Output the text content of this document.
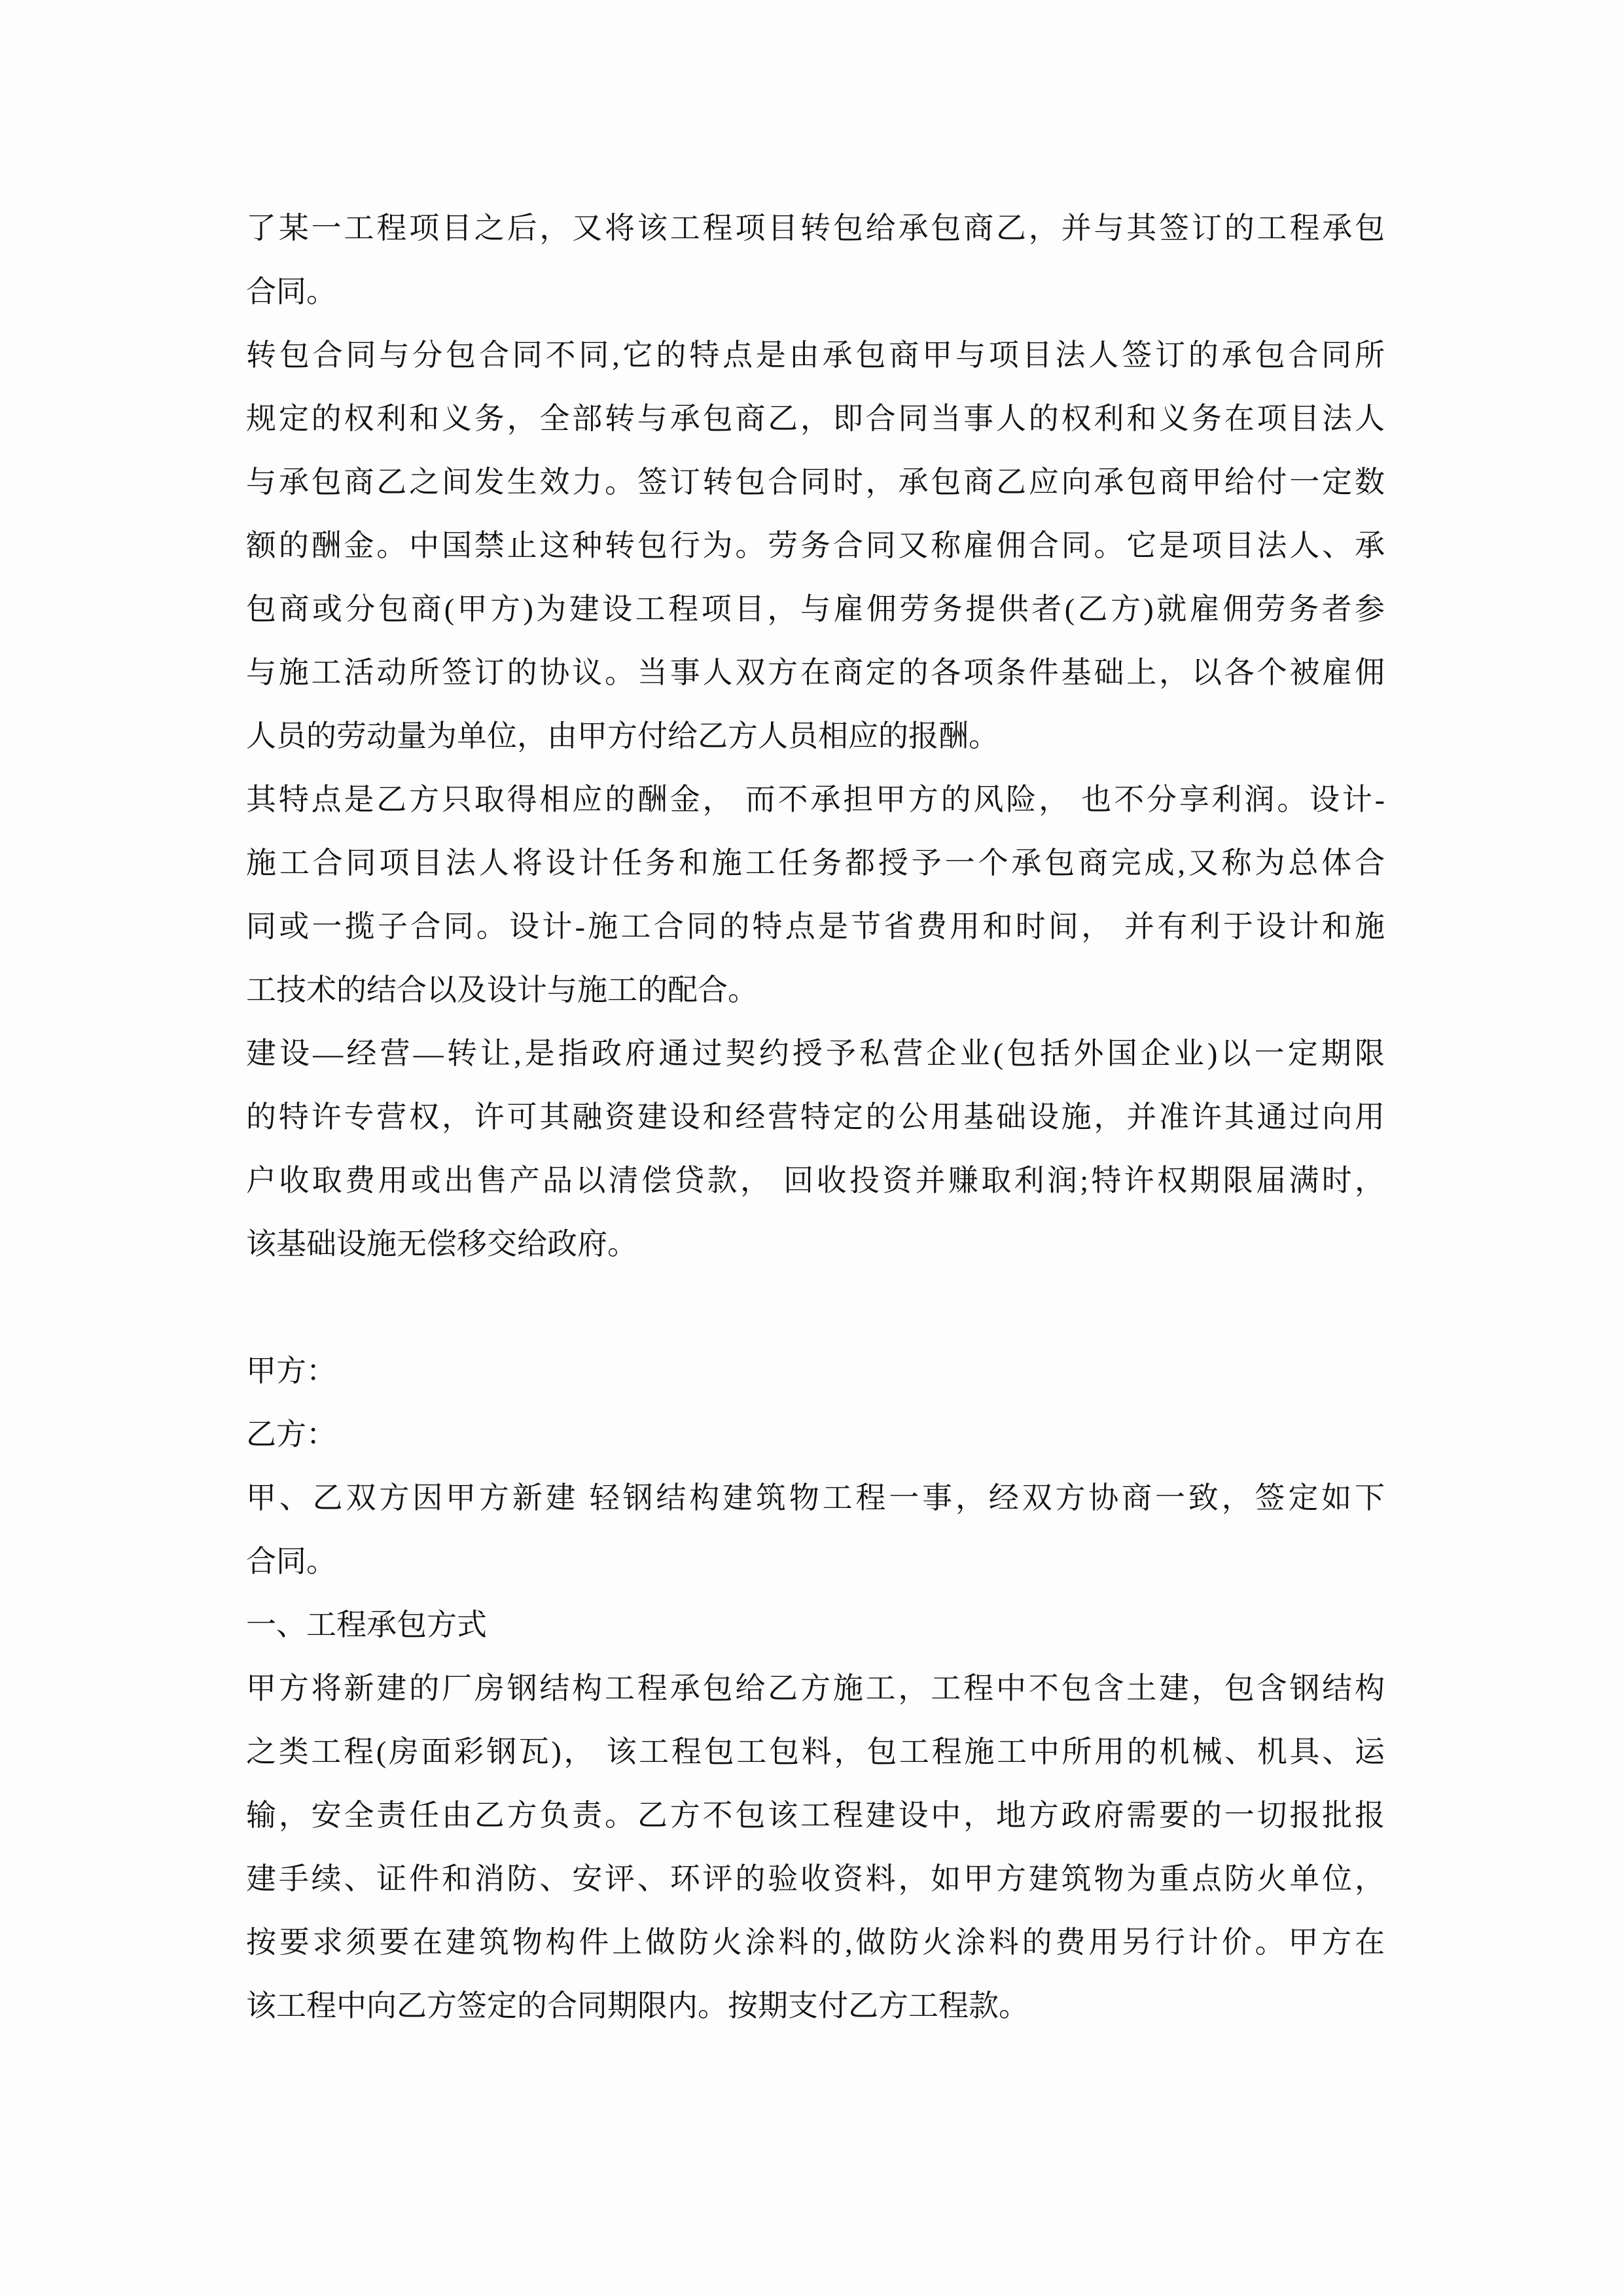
了某一工程项目之后，又将该工程项目转包给承包商乙，并与其签订的工程承包
合同。
转包合同与分包合同不同,它的特点是由承包商甲与项目法人签订的承包合同所
规定的权利和义务，全部转与承包商乙，即合同当事人的权利和义务在项目法人
与承包商乙之间发生效力。签订转包合同时，承包商乙应向承包商甲给付一定数
额的酬金。中国禁止这种转包行为。劳务合同又称雇佣合同。它是项目法人、承
包商或分包商(甲方)为建设工程项目，与雇佣劳务提供者(乙方)就雇佣劳务者参
与施工活动所签订的协议。当事人双方在商定的各项条件基础上，以各个被雇佣
人员的劳动量为单位，由甲方付给乙方人员相应的报酬。
其特点是乙方只取得相应的酬金， 而不承担甲方的风险， 也不分享利润。设计-
施工合同项目法人将设计任务和施工任务都授予一个承包商完成,又称为总体合
同或一揽子合同。设计-施工合同的特点是节省费用和时间， 并有利于设计和施
工技术的结合以及设计与施工的配合。
建设—经营—转让,是指政府通过契约授予私营企业(包括外国企业)以一定期限
的特许专营权，许可其融资建设和经营特定的公用基础设施，并准许其通过向用
户收取费用或出售产品以清偿贷款， 回收投资并赚取利润;特许权期限届满时，
该基础设施无偿移交给政府。
甲方：
乙方：
甲、乙双方因甲方新建 轻钢结构建筑物工程一事，经双方协商一致，签定如下
合同。
一、工程承包方式
甲方将新建的厂房钢结构工程承包给乙方施工，工程中不包含土建，包含钢结构
之类工程(房面彩钢瓦)， 该工程包工包料，包工程施工中所用的机械、机具、运
输，安全责任由乙方负责。乙方不包该工程建设中，地方政府需要的一切报批报
建手续、证件和消防、安评、环评的验收资料，如甲方建筑物为重点防火单位，
按要求须要在建筑物构件上做防火涂料的,做防火涂料的费用另行计价。甲方在
该工程中向乙方签定的合同期限内。按期支付乙方工程款。
